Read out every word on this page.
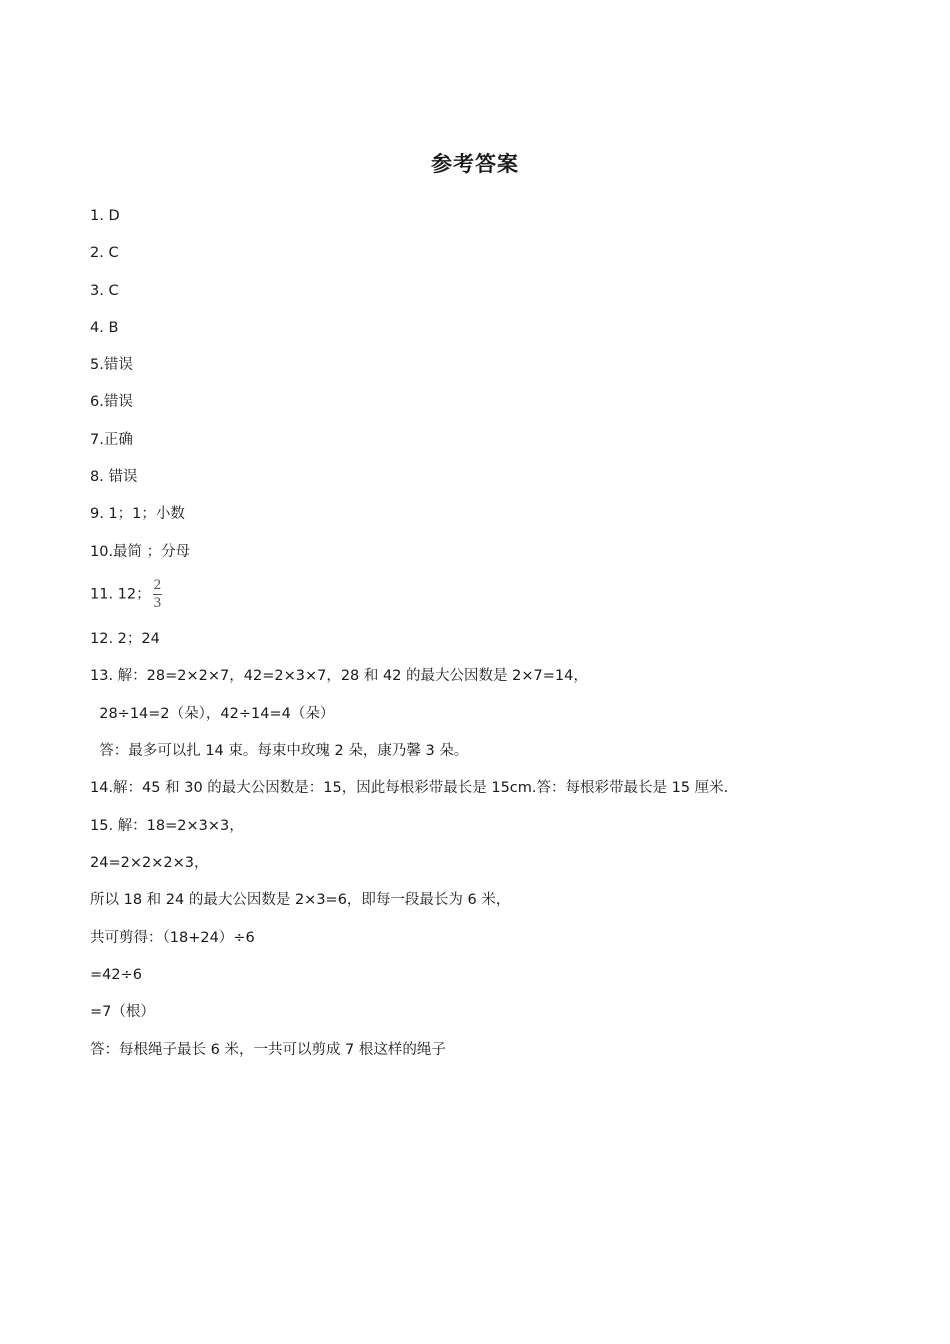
参考答案
1. D
2. C
3. C
4. B
5.错误
6.错误
7.正确
8. 错误
9. 1；1；小数
10.最简 ；分母
11. 12； $\frac{2}{3}$
12. 2；24
13. 解：28=2×2×7，42=2×3×7，28 和 42 的最大公因数是 2×7=14，
28÷14=2（朵），42÷14=4（朵）
答：最多可以扎 14 束。每束中玫瑰 2 朵，康乃馨 3 朵。
14.解：45 和 30 的最大公因数是：15，因此每根彩带最长是 15cm.答：每根彩带最长是 15 厘米.
15. 解：18=2×3×3，
24=2×2×2×3，
所以 18 和 24 的最大公因数是 2×3=6，即每一段最长为 6 米，
共可剪得：（18+24）÷6
=42÷6
=7（根）
答：每根绳子最长 6 米，一共可以剪成 7 根这样的绳子
